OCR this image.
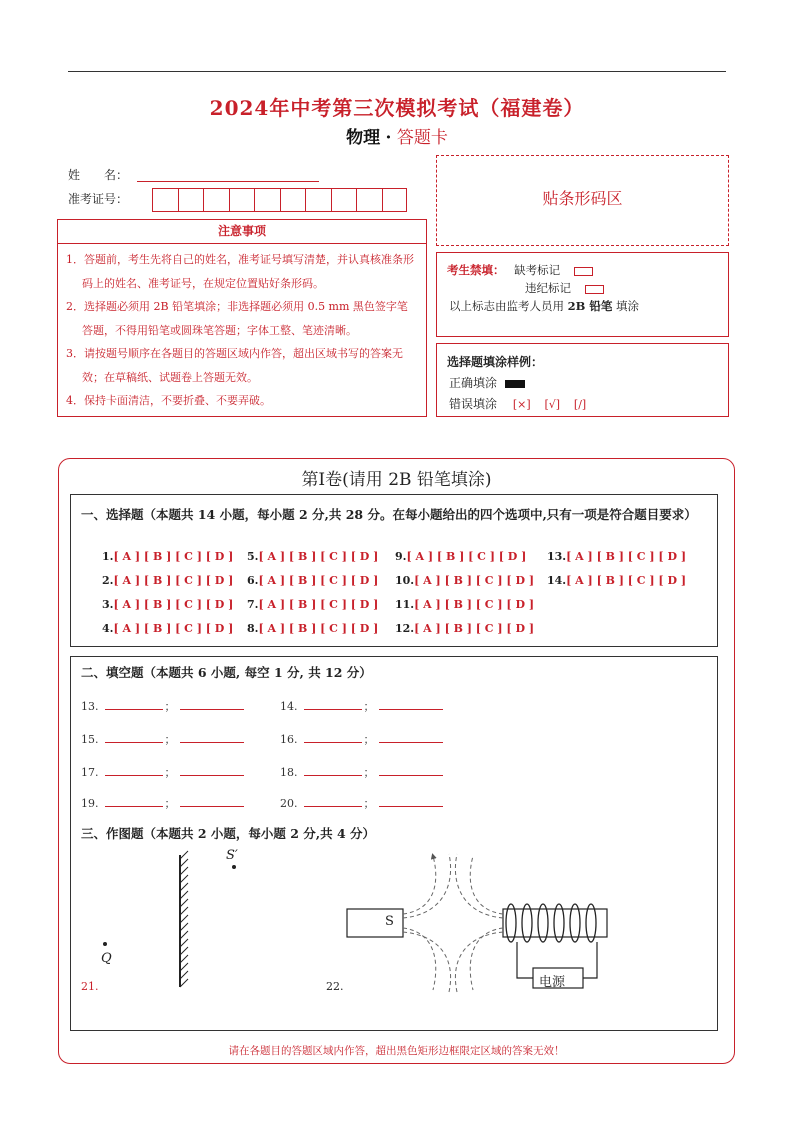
2024年中考第三次模拟考试（福建卷）
物理 · 答题卡
姓　　名：
准考证号：
注意事项
1．答题前，考生先将自己的姓名，准考证号填写清楚，并认真核准条形码上的姓名、准考证号，在规定位置贴好条形码。
2．选择题必须用 2B 铅笔填涂；非选择题必须用 0.5 mm 黑色签字笔答题，不得用铅笔或圆珠笔答题；字体工整、笔迹清晰。
3．请按题号顺序在各题目的答题区域内作答，超出区域书写的答案无效；在草稿纸、试题卷上答题无效。
4．保持卡面清洁，不要折叠、不要弄破。
贴条形码区
考生禁填： 缺考标记
违纪标记
以上标志由监考人员用 2B 铅笔 填涂
选择题填涂样例：
正确填涂
错误填涂 [×] [√] [/]
第Ⅰ卷(请用 2B 铅笔填涂)
一、选择题（本题共 14 小题，每小题 2 分,共 28 分。在每小题给出的四个选项中,只有一项是符合题目要求）
1.[ A ] [ B ] [ C ] [ D ]
2.[ A ] [ B ] [ C ] [ D ]
3.[ A ] [ B ] [ C ] [ D ]
4.[ A ] [ B ] [ C ] [ D ]
5.[ A ] [ B ] [ C ] [ D ]
6.[ A ] [ B ] [ C ] [ D ]
7.[ A ] [ B ] [ C ] [ D ]
8.[ A ] [ B ] [ C ] [ D ]
9.[ A ] [ B ] [ C ] [ D ]
10.[ A ] [ B ] [ C ] [ D ]
11.[ A ] [ B ] [ C ] [ D ]
12.[ A ] [ B ] [ C ] [ D ]
13.[ A ] [ B ] [ C ] [ D ]
14.[ A ] [ B ] [ C ] [ D ]
二、填空题（本题共 6 小题, 每空 1 分, 共 12 分）
13.	；	14.	；
15.	；	16.	；
17.	；	18.	；
19.	；	20.	；
三、作图题（本题共 2 小题，每小题 2 分,共 4 分）
S′
Q
21.
S
电源
22.
请在各题目的答题区域内作答，超出黑色矩形边框限定区域的答案无效！
